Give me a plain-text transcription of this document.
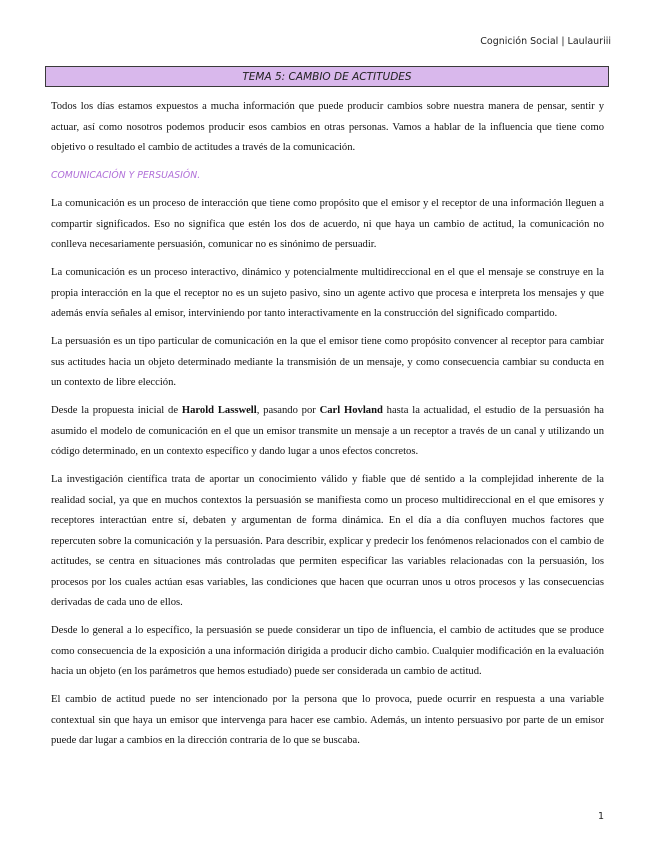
Cognición Social | Laulauriii
TEMA 5: CAMBIO DE ACTITUDES

Todos los días estamos expuestos a mucha información que puede producir cambios sobre nuestra manera de pensar, sentir y actuar, así como nosotros podemos producir esos cambios en otras personas. Vamos a hablar de la influencia que tiene como objetivo o resultado el cambio de actitudes a través de la comunicación.

COMUNICACIÓN Y PERSUASIÓN.

La comunicación es un proceso de interacción que tiene como propósito que el emisor y el receptor de una información lleguen a compartir significados. Eso no significa que estén los dos de acuerdo, ni que haya un cambio de actitud, la comunicación no conlleva necesariamente persuasión, comunicar no es sinónimo de persuadir.

La comunicación es un proceso interactivo, dinámico y potencialmente multidireccional en el que el mensaje se construye en la propia interacción en la que el receptor no es un sujeto pasivo, sino un agente activo que procesa e interpreta los mensajes y que además envía señales al emisor, interviniendo por tanto interactivamente en la construcción del significado compartido.

La persuasión es un tipo particular de comunicación en la que el emisor tiene como propósito convencer al receptor para cambiar sus actitudes hacia un objeto determinado mediante la transmisión de un mensaje, y como consecuencia cambiar su conducta en un contexto de libre elección.

Desde la propuesta inicial de Harold Lasswell, pasando por Carl Hovland hasta la actualidad, el estudio de la persuasión ha asumido el modelo de comunicación en el que un emisor transmite un mensaje a un receptor a través de un canal y utilizando un código determinado, en un contexto específico y dando lugar a unos efectos concretos.

La investigación científica trata de aportar un conocimiento válido y fiable que dé sentido a la complejidad inherente de la realidad social, ya que en muchos contextos la persuasión se manifiesta como un proceso multidireccional en el que emisores y receptores interactúan entre sí, debaten y argumentan de forma dinámica. En el día a día confluyen muchos factores que repercuten sobre la comunicación y la persuasión. Para describir, explicar y predecir los fenómenos relacionados con el cambio de actitudes, se centra en situaciones más controladas que permiten especificar las variables relacionadas con la persuasión, los procesos por los cuales actúan esas variables, las condiciones que hacen que ocurran unos u otros procesos y las consecuencias derivadas de cada uno de ellos.

Desde lo general a lo específico, la persuasión se puede considerar un tipo de influencia, el cambio de actitudes que se produce como consecuencia de la exposición a una información dirigida a producir dicho cambio. Cualquier modificación en la evaluación hacia un objeto (en los parámetros que hemos estudiado) puede ser considerada un cambio de actitud.

El cambio de actitud puede no ser intencionado por la persona que lo provoca, puede ocurrir en respuesta a una variable contextual sin que haya un emisor que intervenga para hacer ese cambio. Además, un intento persuasivo por parte de un emisor puede dar lugar a cambios en la dirección contraria de lo que se buscaba.

1
